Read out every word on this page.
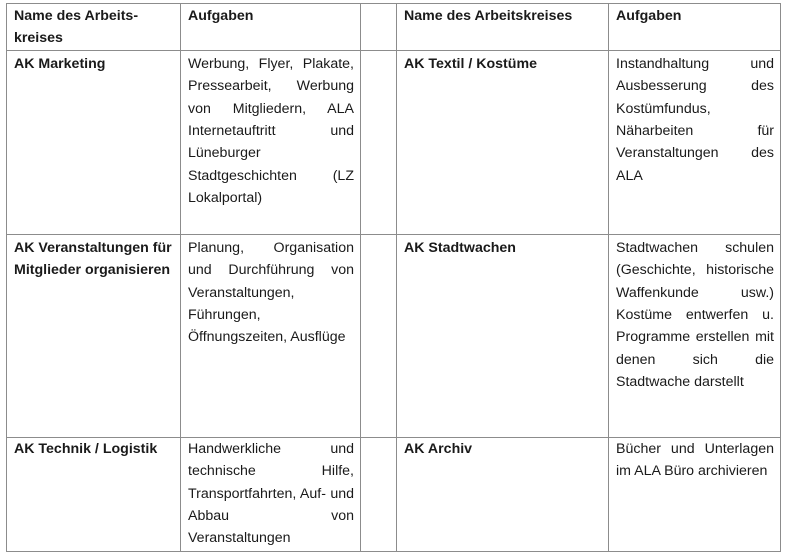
Name des Arbeits-kreises	Aufgaben		Name des Arbeitskreises	Aufgaben
AK Marketing	Werbung, Flyer, Plakate, Pressearbeit, Werbung von Mitgliedern, ALA Internetauftritt und Lüneburger Stadtgeschichten (LZ Lokalportal)		AK Textil / Kostüme	Instandhaltung und Ausbesserung des Kostümfundus, Näharbeiten für Veranstaltungen des ALA
AK Veranstaltungen für Mitglieder organisieren	Planung, Organisation und Durchführung von Veranstaltungen, Führungen, Öffnungszeiten, Ausflüge		AK Stadtwachen	Stadtwachen schulen (Geschichte, historische Waffenkunde usw.) Kostüme entwerfen u. Programme erstellen mit denen sich die Stadtwache darstellt
AK Technik / Logistik	Handwerkliche und technische Hilfe, Transportfahrten, Auf- und Abbau von Veranstaltungen		AK Archiv	Bücher und Unterlagen im ALA Büro archivieren
